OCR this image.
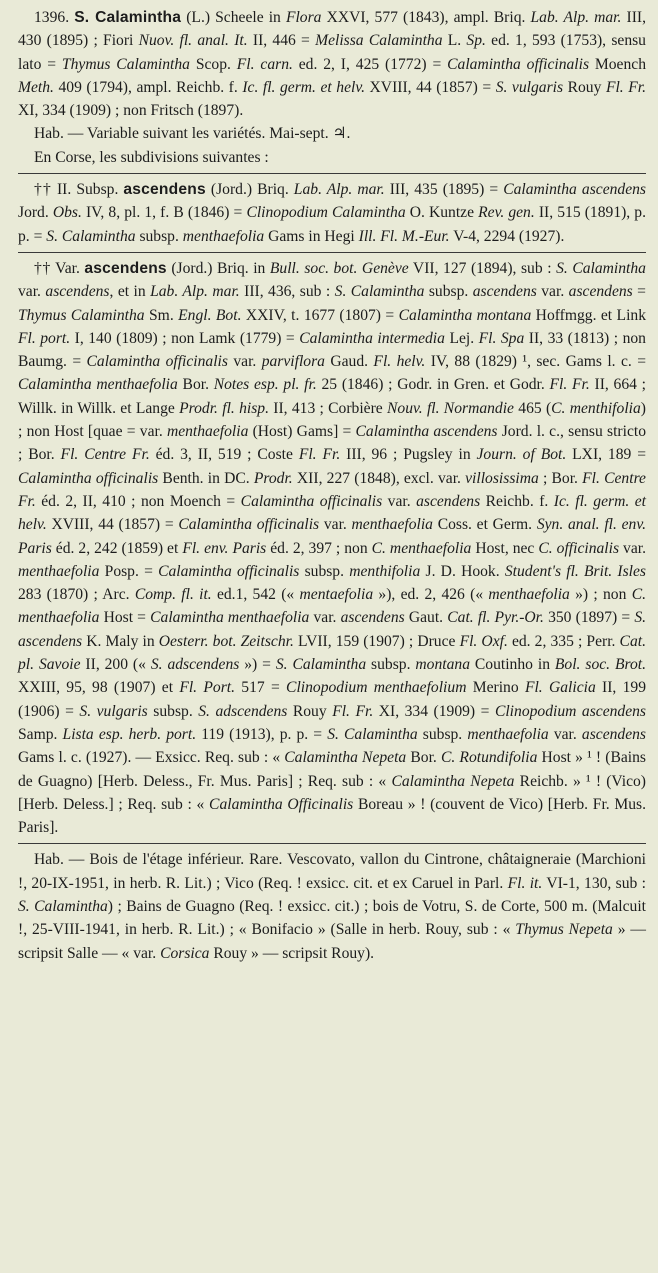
1396. S. Calamintha (L.) Scheele in Flora XXVI, 577 (1843), ampl. Briq. Lab. Alp. mar. III, 430 (1895) ; Fiori Nuov. fl. anal. It. II, 446 = Melissa Calamintha L. Sp. ed. 1, 593 (1753), sensu lato = Thymus Calamintha Scop. Fl. carn. ed. 2, I, 425 (1772) = Calamintha officinalis Moench Meth. 409 (1794), ampl. Reichb. f. Ic. fl. germ. et helv. XVIII, 44 (1857) = S. vulgaris Rouy Fl. Fr. XI, 334 (1909) ; non Fritsch (1897).

Hab. — Variable suivant les variétés. Mai-sept. ♃.

En Corse, les subdivisions suivantes :

†† II. Subsp. ascendens (Jord.) Briq. Lab. Alp. mar. III, 435 (1895) = Calamintha ascendens Jord. Obs. IV, 8, pl. 1, f. B (1846) = Clinopodium Calamintha O. Kuntze Rev. gen. II, 515 (1891), p. p. = S. Calamintha subsp. menthaefolia Gams in Hegi Ill. Fl. M.-Eur. V-4, 2294 (1927).

†† Var. ascendens (Jord.) Briq. in Bull. soc. bot. Genève VII, 127 (1894), sub : S. Calamintha var. ascendens, et in Lab. Alp. mar. III, 436, sub : S. Calamintha subsp. ascendens var. ascendens = Thymus Calamintha Sm. Engl. Bot. XXIV, t. 1677 (1807) = Calamintha montana Hoffmgg. et Link Fl. port. I, 140 (1809) ; non Lamk (1779) = Calamintha intermedia Lej. Fl. Spa II, 33 (1813) ; non Baumg. = Calamintha officinalis var. parviflora Gaud. Fl. helv. IV, 88 (1829) ¹, sec. Gams l. c. = Calamintha menthaefolia Bor. Notes esp. pl. fr. 25 (1846) ; Godr. in Gren. et Godr. Fl. Fr. II, 664 ; Willk. in Willk. et Lange Prodr. fl. hisp. II, 413 ; Corbière Nouv. fl. Normandie 465 (C. menthifolia) ; non Host [quae = var. menthaefolia (Host) Gams] = Calamintha ascendens Jord. l. c., sensu stricto ; Bor. Fl. Centre Fr. éd. 3, II, 519 ; Coste Fl. Fr. III, 96 ; Pugsley in Journ. of Bot. LXI, 189 = Calamintha officinalis Benth. in DC. Prodr. XII, 227 (1848), excl. var. villosissima ; Bor. Fl. Centre Fr. éd. 2, II, 410 ; non Moench = Calamintha officinalis var. ascendens Reichb. f. Ic. fl. germ. et helv. XVIII, 44 (1857) = Calamintha officinalis var. menthaefolia Coss. et Germ. Syn. anal. fl. env. Paris éd. 2, 242 (1859) et Fl. env. Paris éd. 2, 397 ; non C. menthaefolia Host, nec C. officinalis var. menthaefolia Posp. = Calamintha officinalis subsp. menthifolia J. D. Hook. Student's fl. Brit. Isles 283 (1870) ; Arc. Comp. fl. it. ed.1, 542 (« mentaefolia »), ed. 2, 426 (« menthaefolia ») ; non C. menthaefolia Host = Calamintha menthaefolia var. ascendens Gaut. Cat. fl. Pyr.-Or. 350 (1897) = S. ascendens K. Maly in Oesterr. bot. Zeitschr. LVII, 159 (1907) ; Druce Fl. Oxf. ed. 2, 335 ; Perr. Cat. pl. Savoie II, 200 (« S. adscendens ») = S. Calamintha subsp. montana Coutinho in Bol. soc. Brot. XXIII, 95, 98 (1907) et Fl. Port. 517 = Clinopodium menthaefolium Merino Fl. Galicia II, 199 (1906) = S. vulgaris subsp. S. adscendens Rouy Fl. Fr. XI, 334 (1909) = Clinopodium ascendens Samp. Lista esp. herb. port. 119 (1913), p. p. = S. Calamintha subsp. menthaefolia var. ascendens Gams l. c. (1927). — Exsicc. Req. sub : « Calamintha Nepeta Bor. C. Rotundifolia Host » ¹ ! (Bains de Guagno) [Herb. Deless., Fr. Mus. Paris] ; Req. sub : « Calamintha Nepeta Reichb. » ¹ ! (Vico) [Herb. Deless.] ; Req. sub : « Calamintha Officinalis Boreau » ! (couvent de Vico) [Herb. Fr. Mus. Paris].

Hab. — Bois de l'étage inférieur. Rare. Vescovato, vallon du Cintrone, châtaigneraie (Marchioni !, 20-IX-1951, in herb. R. Lit.) ; Vico (Req. ! exsicc. cit. et ex Caruel in Parl. Fl. it. VI-1, 130, sub : S. Calamintha) ; Bains de Guagno (Req. ! exsicc. cit.) ; bois de Votru, S. de Corte, 500 m. (Malcuit !, 25-VIII-1941, in herb. R. Lit.) ; « Bonifacio » (Salle in herb. Rouy, sub : « Thymus Nepeta » — scripsit Salle — « var. Corsica Rouy » — scripsit Rouy).
